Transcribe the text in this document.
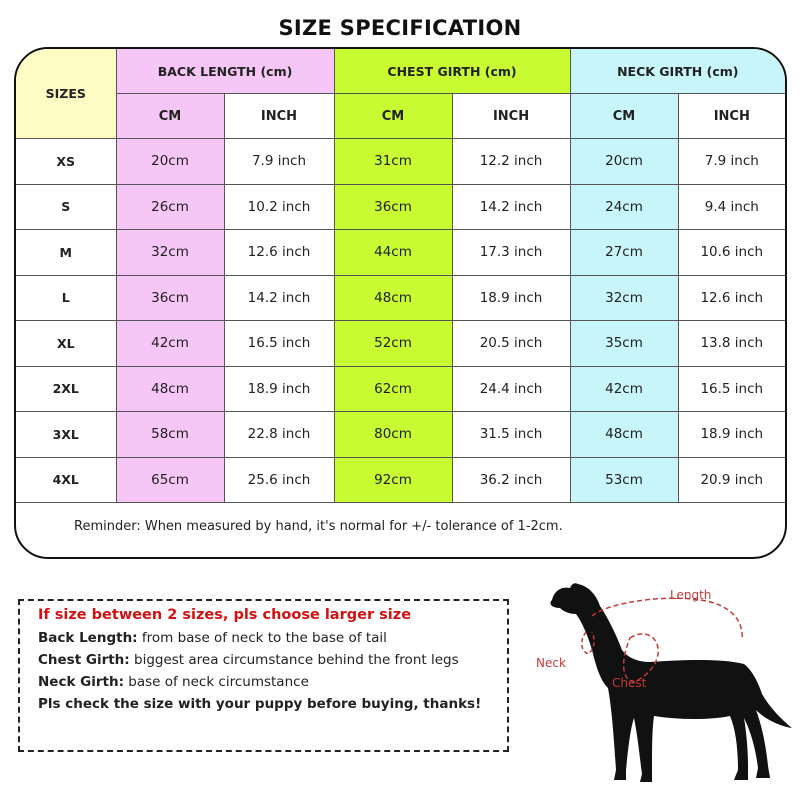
SIZE SPECIFICATION
SIZES	BACK LENGTH (cm)		CHEST GIRTH (cm)		NECK GIRTH (cm)	
	CM	INCH	CM	INCH	CM	INCH
XS	20cm	7.9 inch	31cm	12.2 inch	20cm	7.9 inch
S	26cm	10.2 inch	36cm	14.2 inch	24cm	9.4 inch
M	32cm	12.6 inch	44cm	17.3 inch	27cm	10.6 inch
L	36cm	14.2 inch	48cm	18.9 inch	32cm	12.6 inch
XL	42cm	16.5 inch	52cm	20.5 inch	35cm	13.8 inch
2XL	48cm	18.9 inch	62cm	24.4 inch	42cm	16.5 inch
3XL	58cm	22.8 inch	80cm	31.5 inch	48cm	18.9 inch
4XL	65cm	25.6 inch	92cm	36.2 inch	53cm	20.9 inch

Reminder: When measured by hand, it's normal for +/- tolerance of 1-2cm.
If size between 2 sizes, pls choose larger size
Back Length: from base of neck to the base of tail
Chest Girth: biggest area circumstance behind the front legs
Neck Girth: base of neck circumstance
Pls check the size with your puppy before buying, thanks!
Length
Neck
Chest
